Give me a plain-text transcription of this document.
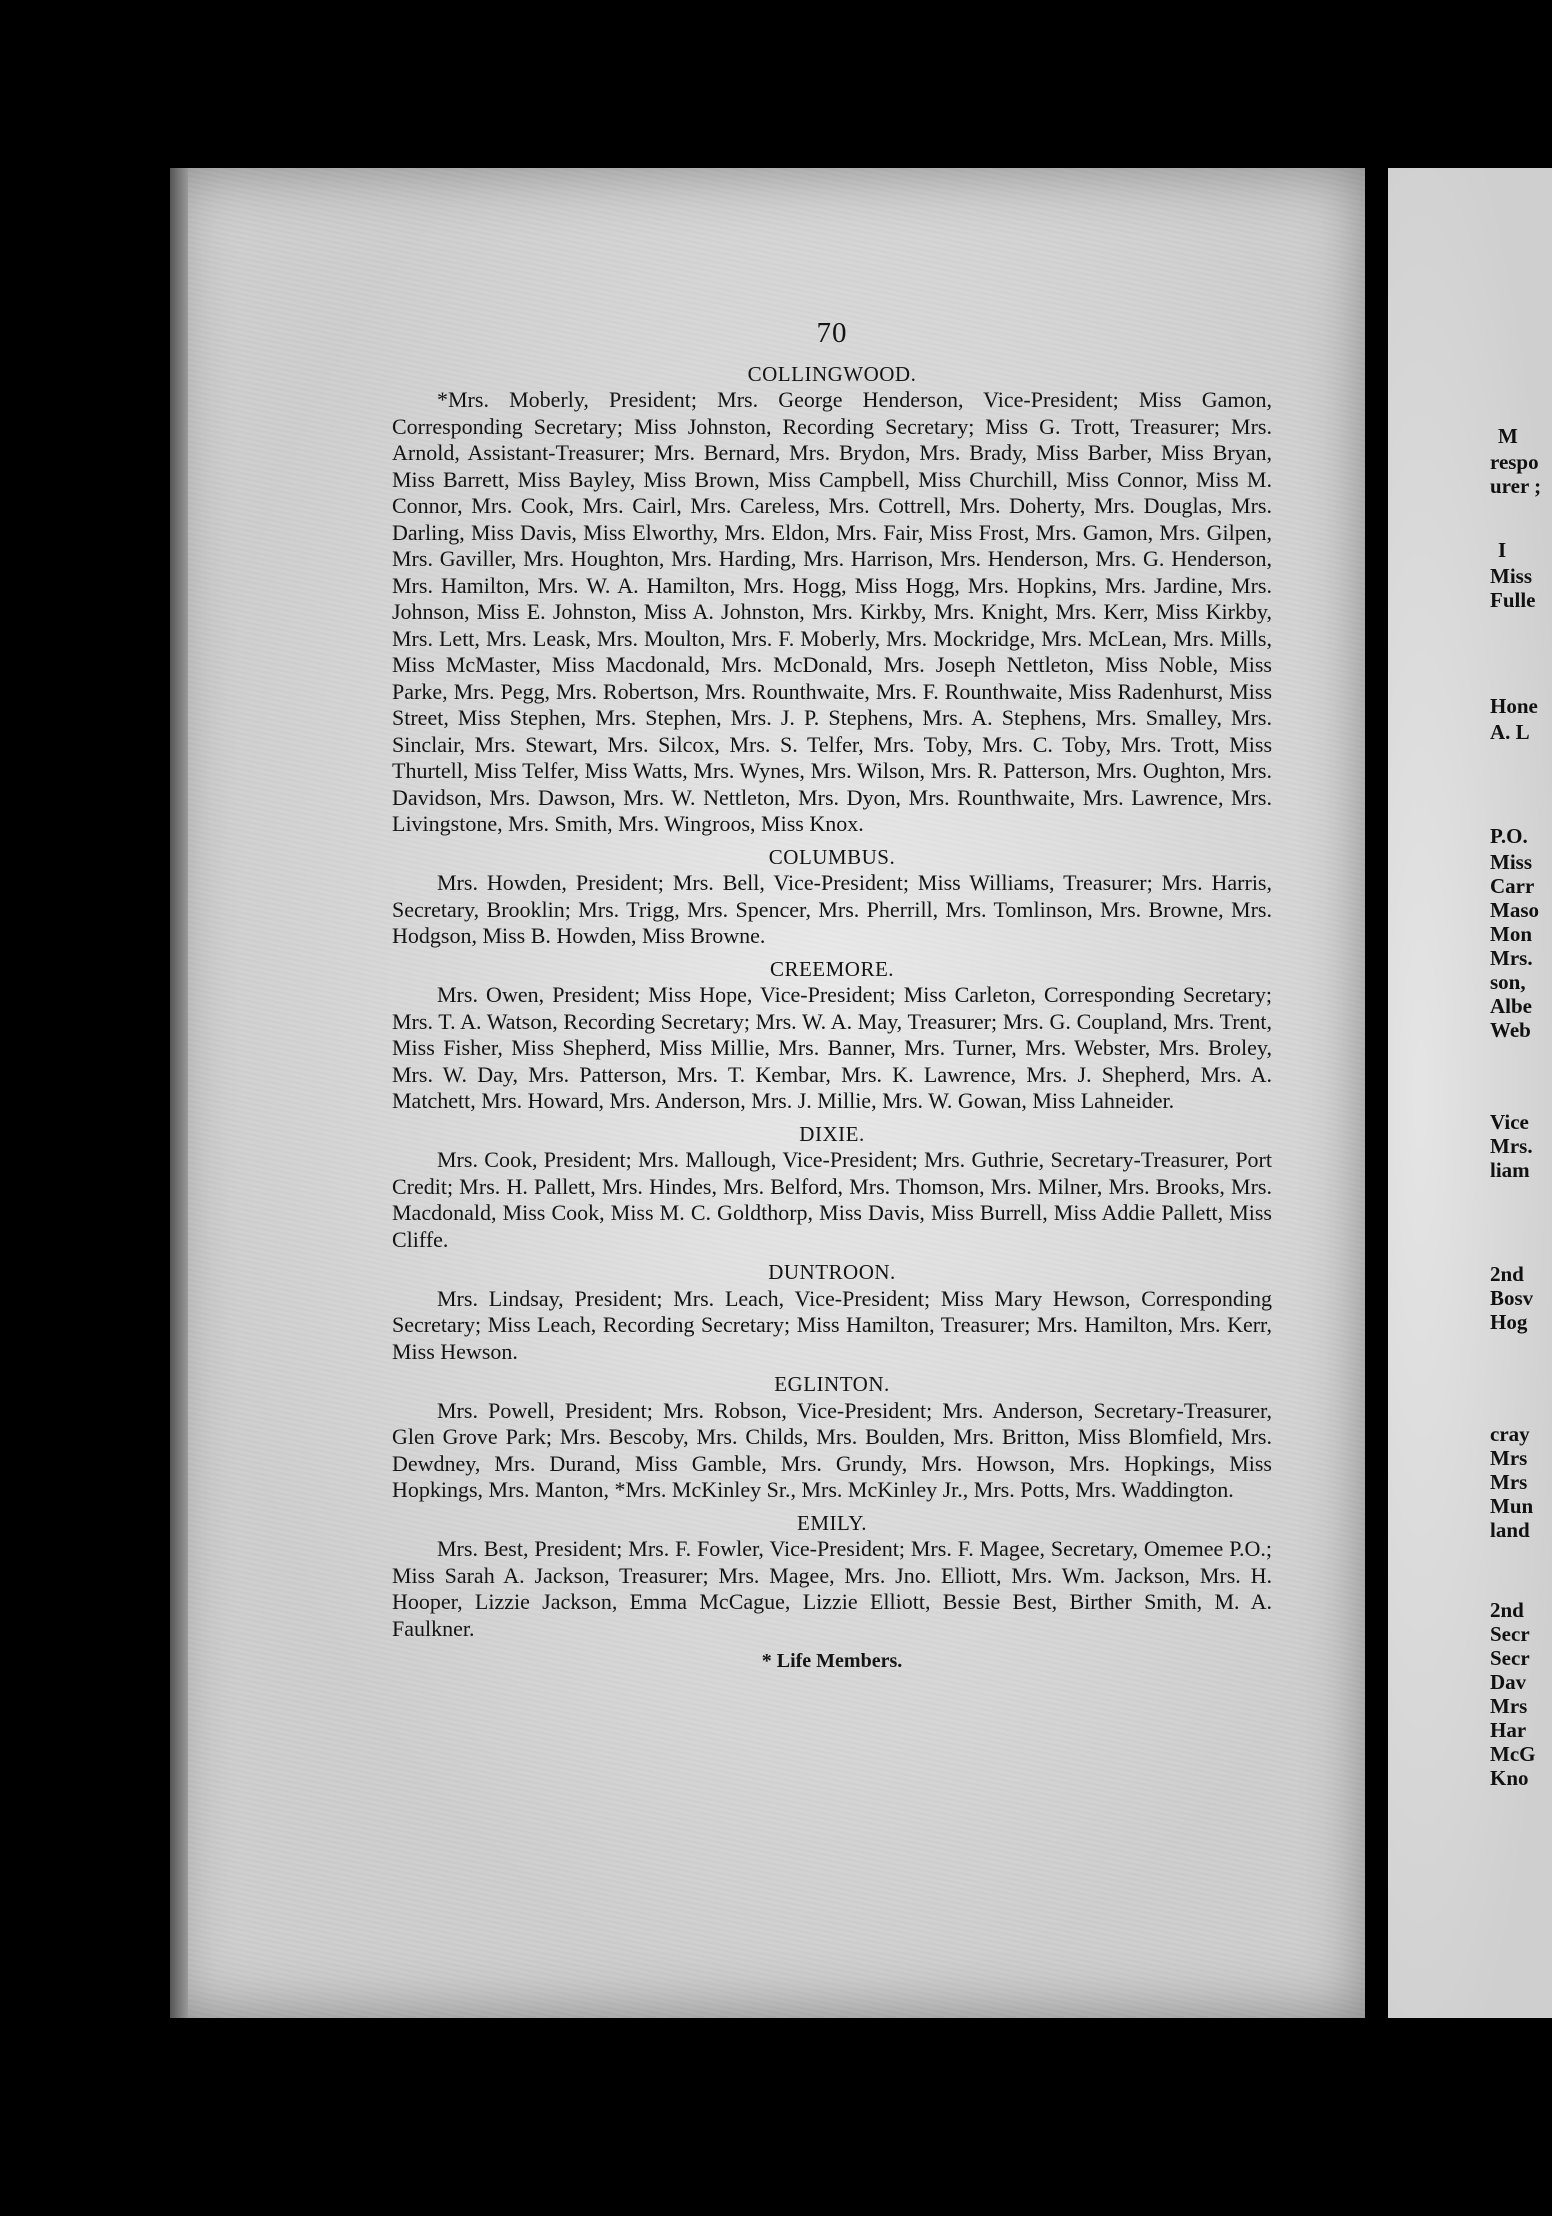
M
respo
urer ;
I
Miss
Fulle
Hone
A. L
P.O.
Miss
Carr
Maso
Mon
Mrs.
son,
Albe
Web
Vice
Mrs.
liam
2nd
Bosv
Hog
cray
Mrs
Mrs
Mun
land
2nd
Secr
Secr
Dav
Mrs
Har
McG
Kno
70
COLLINGWOOD.

*Mrs. Moberly, President; Mrs. George Henderson, Vice-President; Miss Gamon, Corresponding Secretary; Miss Johnston, Recording Secretary; Miss G. Trott, Treasurer; Mrs. Arnold, Assistant-Treasurer; Mrs. Bernard, Mrs. Brydon, Mrs. Brady, Miss Barber, Miss Bryan, Miss Barrett, Miss Bayley, Miss Brown, Miss Campbell, Miss Churchill, Miss Connor, Miss M. Connor, Mrs. Cook, Mrs. Cairl, Mrs. Careless, Mrs. Cottrell, Mrs. Doherty, Mrs. Douglas, Mrs. Darling, Miss Davis, Miss Elworthy, Mrs. Eldon, Mrs. Fair, Miss Frost, Mrs. Gamon, Mrs. Gilpen, Mrs. Gaviller, Mrs. Houghton, Mrs. Harding, Mrs. Harrison, Mrs. Henderson, Mrs. G. Henderson, Mrs. Hamilton, Mrs. W. A. Hamilton, Mrs. Hogg, Miss Hogg, Mrs. Hopkins, Mrs. Jardine, Mrs. Johnson, Miss E. Johnston, Miss A. Johnston, Mrs. Kirkby, Mrs. Knight, Mrs. Kerr, Miss Kirkby, Mrs. Lett, Mrs. Leask, Mrs. Moulton, Mrs. F. Moberly, Mrs. Mockridge, Mrs. McLean, Mrs. Mills, Miss McMaster, Miss Macdonald, Mrs. McDonald, Mrs. Joseph Nettleton, Miss Noble, Miss Parke, Mrs. Pegg, Mrs. Robertson, Mrs. Rounthwaite, Mrs. F. Rounthwaite, Miss Radenhurst, Miss Street, Miss Stephen, Mrs. Stephen, Mrs. J. P. Stephens, Mrs. A. Stephens, Mrs. Smalley, Mrs. Sinclair, Mrs. Stewart, Mrs. Silcox, Mrs. S. Telfer, Mrs. Toby, Mrs. C. Toby, Mrs. Trott, Miss Thurtell, Miss Telfer, Miss Watts, Mrs. Wynes, Mrs. Wilson, Mrs. R. Patterson, Mrs. Oughton, Mrs. Davidson, Mrs. Dawson, Mrs. W. Nettleton, Mrs. Dyon, Mrs. Rounthwaite, Mrs. Lawrence, Mrs. Livingstone, Mrs. Smith, Mrs. Wingroos, Miss Knox.

COLUMBUS.

Mrs. Howden, President; Mrs. Bell, Vice-President; Miss Williams, Treasurer; Mrs. Harris, Secretary, Brooklin; Mrs. Trigg, Mrs. Spencer, Mrs. Pherrill, Mrs. Tomlinson, Mrs. Browne, Mrs. Hodgson, Miss B. Howden, Miss Browne.

CREEMORE.

Mrs. Owen, President; Miss Hope, Vice-President; Miss Carleton, Corresponding Secretary; Mrs. T. A. Watson, Recording Secretary; Mrs. W. A. May, Treasurer; Mrs. G. Coupland, Mrs. Trent, Miss Fisher, Miss Shepherd, Miss Millie, Mrs. Banner, Mrs. Turner, Mrs. Webster, Mrs. Broley, Mrs. W. Day, Mrs. Patterson, Mrs. T. Kembar, Mrs. K. Lawrence, Mrs. J. Shepherd, Mrs. A. Matchett, Mrs. Howard, Mrs. Anderson, Mrs. J. Millie, Mrs. W. Gowan, Miss Lahneider.

DIXIE.

Mrs. Cook, President; Mrs. Mallough, Vice-President; Mrs. Guthrie, Secretary-Treasurer, Port Credit; Mrs. H. Pallett, Mrs. Hindes, Mrs. Belford, Mrs. Thomson, Mrs. Milner, Mrs. Brooks, Mrs. Macdonald, Miss Cook, Miss M. C. Goldthorp, Miss Davis, Miss Burrell, Miss Addie Pallett, Miss Cliffe.

DUNTROON.

Mrs. Lindsay, President; Mrs. Leach, Vice-President; Miss Mary Hewson, Corresponding Secretary; Miss Leach, Recording Secretary; Miss Hamilton, Treasurer; Mrs. Hamilton, Mrs. Kerr, Miss Hewson.

EGLINTON.

Mrs. Powell, President; Mrs. Robson, Vice-President; Mrs. Anderson, Secretary-Treasurer, Glen Grove Park; Mrs. Bescoby, Mrs. Childs, Mrs. Boulden, Mrs. Britton, Miss Blomfield, Mrs. Dewdney, Mrs. Durand, Miss Gamble, Mrs. Grundy, Mrs. Howson, Mrs. Hopkings, Miss Hopkings, Mrs. Manton, *Mrs. McKinley Sr., Mrs. McKinley Jr., Mrs. Potts, Mrs. Waddington.

EMILY.

Mrs. Best, President; Mrs. F. Fowler, Vice-President; Mrs. F. Magee, Secretary, Omemee P.O.; Miss Sarah A. Jackson, Treasurer; Mrs. Magee, Mrs. Jno. Elliott, Mrs. Wm. Jackson, Mrs. H. Hooper, Lizzie Jackson, Emma McCague, Lizzie Elliott, Bessie Best, Birther Smith, M. A. Faulkner.

* Life Members.
